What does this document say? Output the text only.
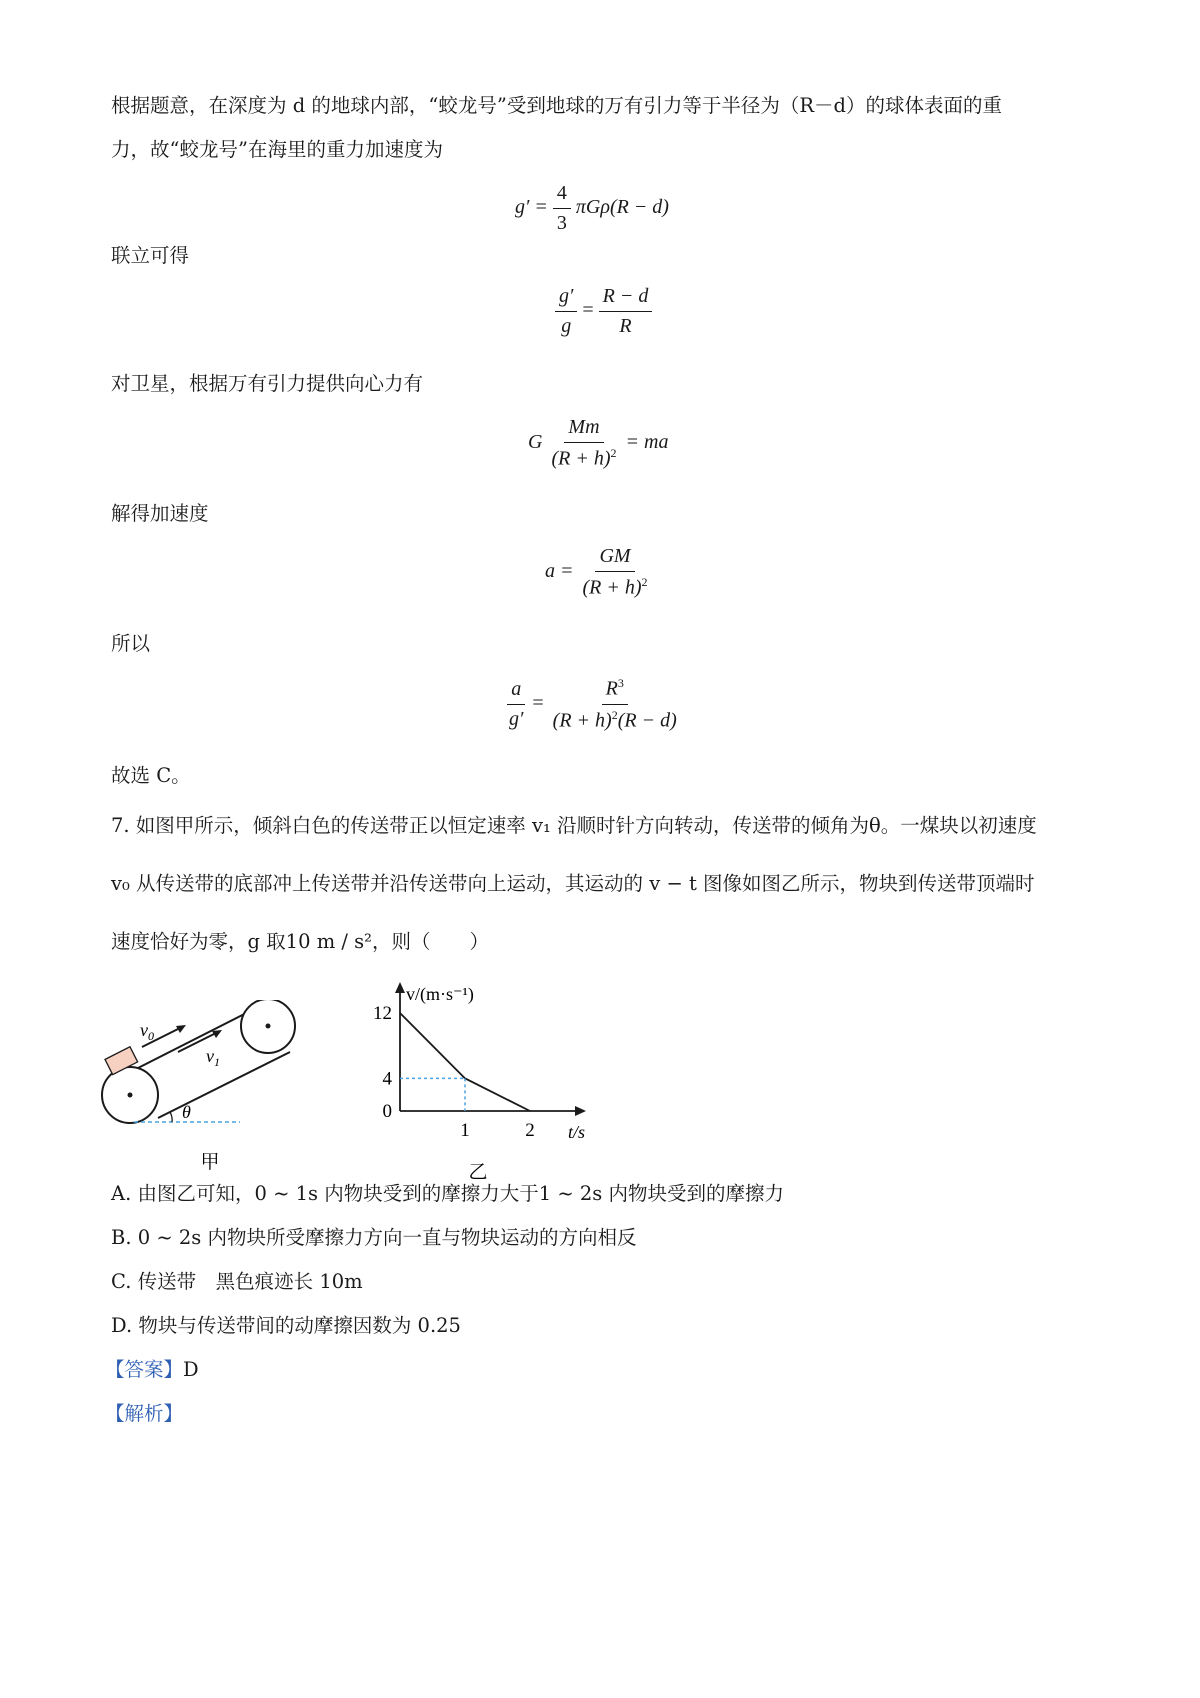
根据题意，在深度为 d 的地球内部，“蛟龙号”受到地球的万有引力等于半径为（R－d）的球体表面的重
力，故“蛟龙号”在海里的重力加速度为
$g' = \frac{4}{3} \pi G\rho(R - d)$
联立可得
$\frac{g'}{g} = \frac{R - d}{R}$
对卫星，根据万有引力提供向心力有
G $\frac{Mm}{(R + h)^2}$ = ma
解得加速度
$a = \frac{GM}{(R + h)^2}$
所以
$\frac{a}{g'} = \frac{R^3}{(R + h)^2(R - d)}$
故选 C。
7. 如图甲所示，倾斜白色的传送带正以恒定速率 v₁ 沿顺时针方向转动，传送带的倾角为θ。一煤块以初速度
v₀ 从传送带的底部冲上传送带并沿传送带向上运动，其运动的 v − t 图像如图乙所示，物块到传送带顶端时
速度恰好为零，g 取10 m / s²，则（　　）
$v_0$
$v_1$
θ
甲
v/(m·s⁻¹)
t/s
0
4
12
1	2
乙
A. 由图乙可知，0 ~ 1s 内物块受到的摩擦力大于1 ~ 2s 内物块受到的摩擦力
B. 0 ~ 2s 内物块所受摩擦力方向一直与物块运动的方向相反
C. 传送带　黑色痕迹长 10m
D. 物块与传送带间的动摩擦因数为 0.25
【答案】D
【解析】
